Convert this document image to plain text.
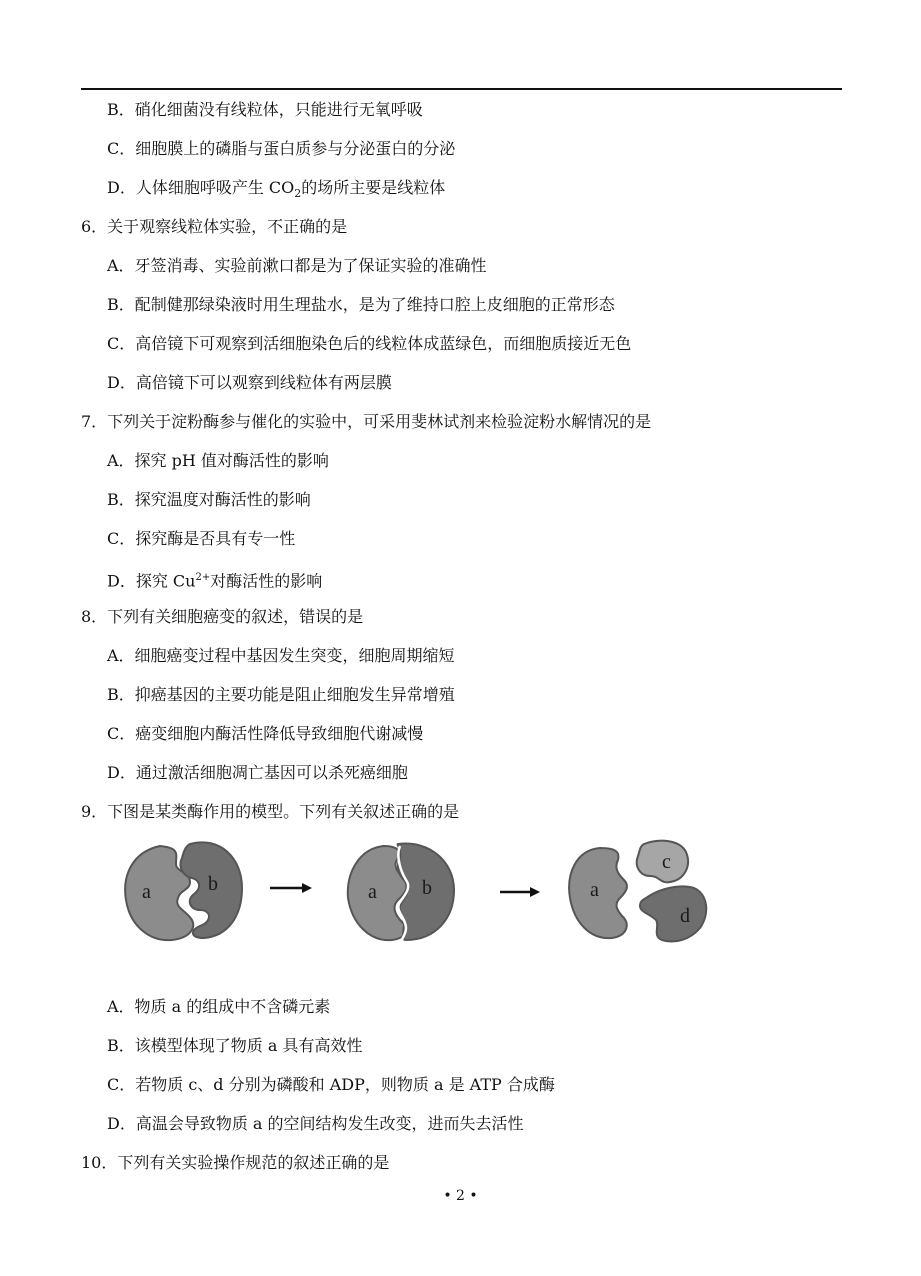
B．硝化细菌没有线粒体，只能进行无氧呼吸
C．细胞膜上的磷脂与蛋白质参与分泌蛋白的分泌
D．人体细胞呼吸产生 $CO_2$的场所主要是线粒体
6．关于观察线粒体实验，不正确的是
A．牙签消毒、实验前漱口都是为了保证实验的准确性
B．配制健那绿染液时用生理盐水，是为了维持口腔上皮细胞的正常形态
C．高倍镜下可观察到活细胞染色后的线粒体成蓝绿色，而细胞质接近无色
D．高倍镜下可以观察到线粒体有两层膜
7．下列关于淀粉酶参与催化的实验中，可采用斐林试剂来检验淀粉水解情况的是
A．探究 pH 值对酶活性的影响
B．探究温度对酶活性的影响
C．探究酶是否具有专一性
D．探究 $Cu^{2+}$对酶活性的影响
8．下列有关细胞癌变的叙述，错误的是
A．细胞癌变过程中基因发生突变，细胞周期缩短
B．抑癌基因的主要功能是阻止细胞发生异常增殖
C．癌变细胞内酶活性降低导致细胞代谢减慢
D．通过激活细胞凋亡基因可以杀死癌细胞
9．下图是某类酶作用的模型。下列有关叙述正确的是
a	b	a b	a
c
d
A．物质 a 的组成中不含磷元素
B．该模型体现了物质 a 具有高效性
C．若物质 c、d 分别为磷酸和 ADP，则物质 a 是 ATP 合成酶
D．高温会导致物质 a 的空间结构发生改变，进而失去活性
10．下列有关实验操作规范的叙述正确的是
• 2 •
